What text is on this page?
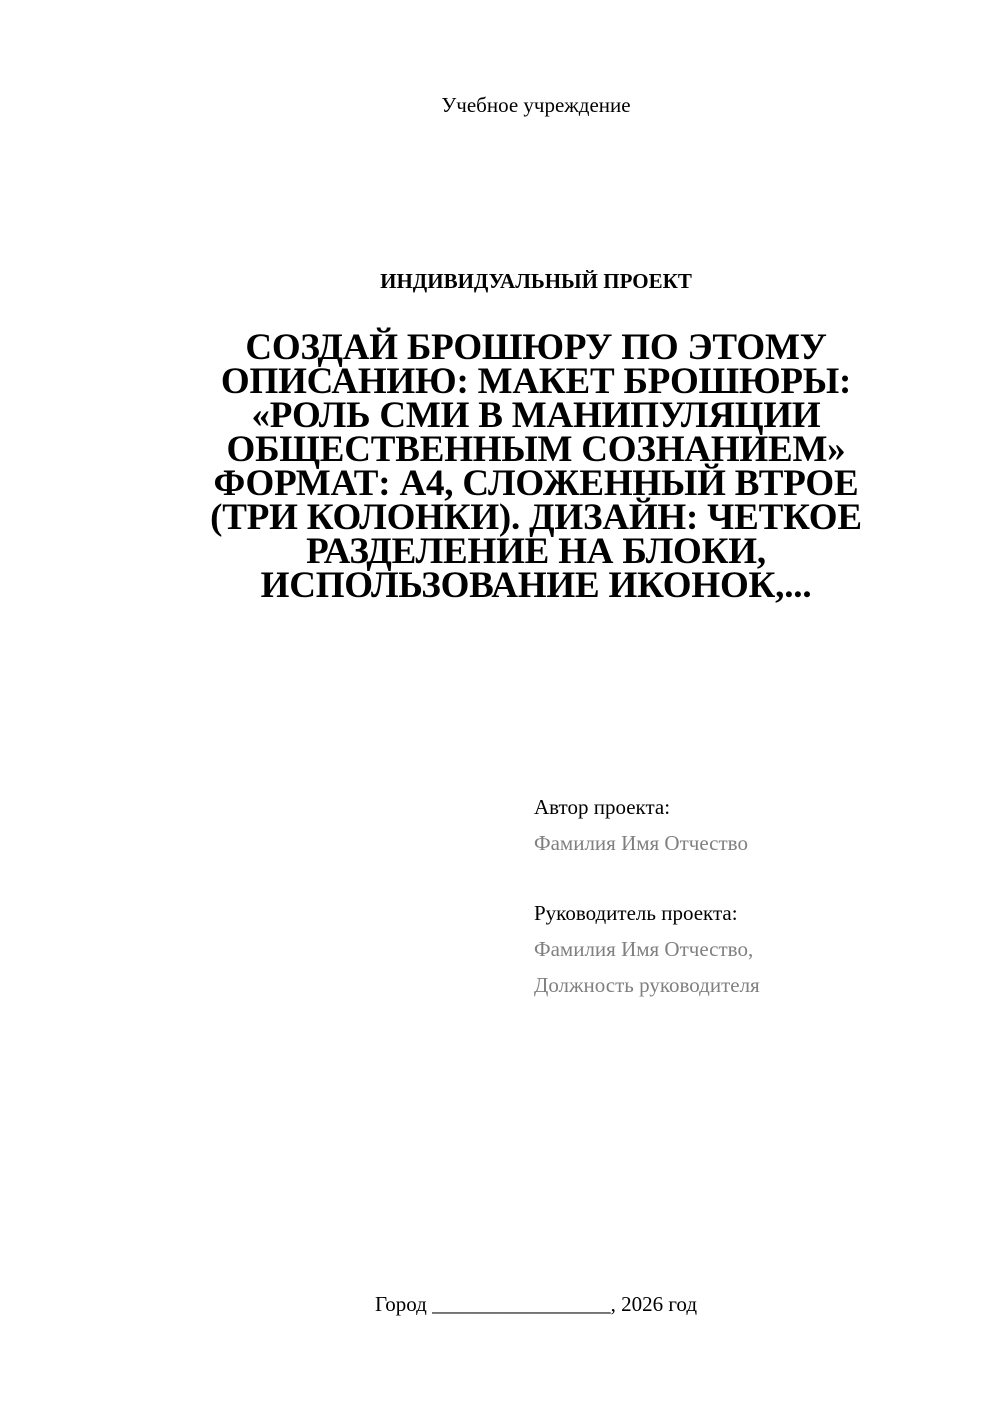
Учебное учреждение
ИНДИВИДУАЛЬНЫЙ ПРОЕКТ
СОЗДАЙ БРОШЮРУ ПО ЭТОМУ
ОПИСАНИЮ: МАКЕТ БРОШЮРЫ:
«РОЛЬ СМИ В МАНИПУЛЯЦИИ
ОБЩЕСТВЕННЫМ СОЗНАНИЕМ»
ФОРМАТ: А4, СЛОЖЕННЫЙ ВТРОЕ
(ТРИ КОЛОНКИ). ДИЗАЙН: ЧЕТКОЕ
РАЗДЕЛЕНИЕ НА БЛОКИ,
ИСПОЛЬЗОВАНИЕ ИКОНОК,...
Автор проекта:
Фамилия Имя Отчество
Руководитель проекта:
Фамилия Имя Отчество,
Должность руководителя
Город _________________, 2026 год
